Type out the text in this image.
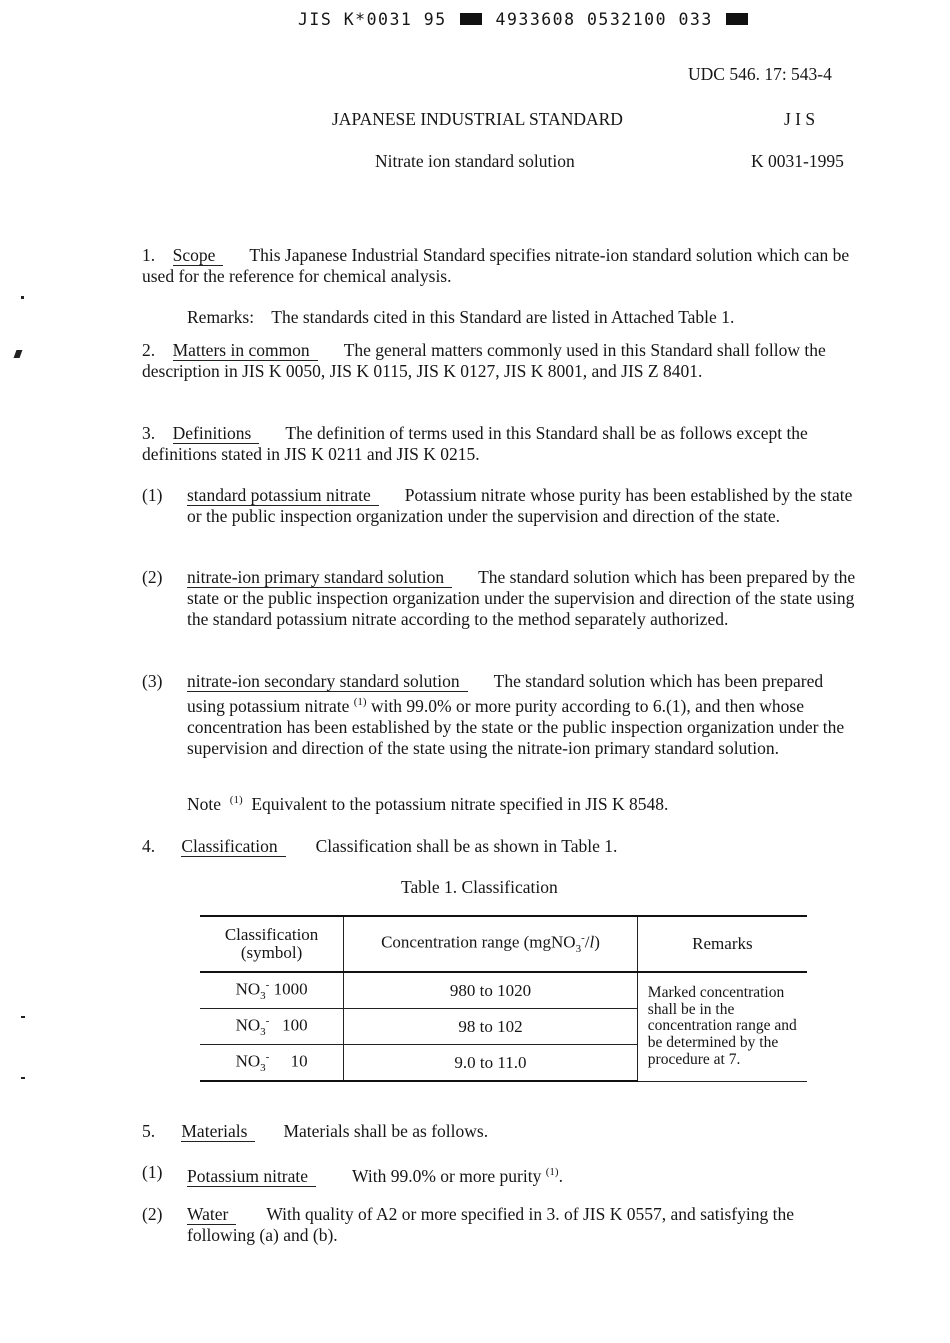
JIS K*0031 95	4933608 0532100 033
UDC 546. 17: 543-4
JAPANESE INDUSTRIAL STANDARD	J I S
Nitrate ion standard solution	K 0031-1995
1. Scope This Japanese Industrial Standard specifies nitrate-ion standard solution which can be used for the reference for chemical analysis.
Remarks: The standards cited in this Standard are listed in Attached Table 1.
2. Matters in common The general matters commonly used in this Standard shall follow the description in JIS K 0050, JIS K 0115, JIS K 0127, JIS K 8001, and JIS Z 8401.
3. Definitions The definition of terms used in this Standard shall be as follows except the definitions stated in JIS K 0211 and JIS K 0215.
(1) standard potassium nitrate Potassium nitrate whose purity has been established by the state or the public inspection organization under the supervision and direction of the state.
(2) nitrate-ion primary standard solution The standard solution which has been prepared by the state or the public inspection organization under the supervision and direction of the state using the standard potassium nitrate according to the method separately authorized.
(3) nitrate-ion secondary standard solution The standard solution which has been prepared using potassium nitrate $^{(1)}$ with 99.0% or more purity according to 6.(1), and then whose concentration has been established by the state or the public inspection organization under the supervision and direction of the state using the nitrate-ion primary standard solution.
Note $^{(1)}$ Equivalent to the potassium nitrate specified in JIS K 8548.
4. Classification Classification shall be as shown in Table 1.
Table 1. Classification
Classification
(symbol)	Concentration range (mgNO$_3$-/l)	Remarks
$NO_3^-$ 1000	980 to 1020	Marked concentration shall be in the concentration range and be determined by the procedure at 7.
$NO_3^-$ 100	98 to 102	
$NO_3^-$ 10	9.0 to 11.0	
5. Materials Materials shall be as follows.
(1) Potassium nitrate	With 99.0% or more purity $^{(1)}$.
(2) Water With quality of A2 or more specified in 3. of JIS K 0557, and satisfying the following (a) and (b).
